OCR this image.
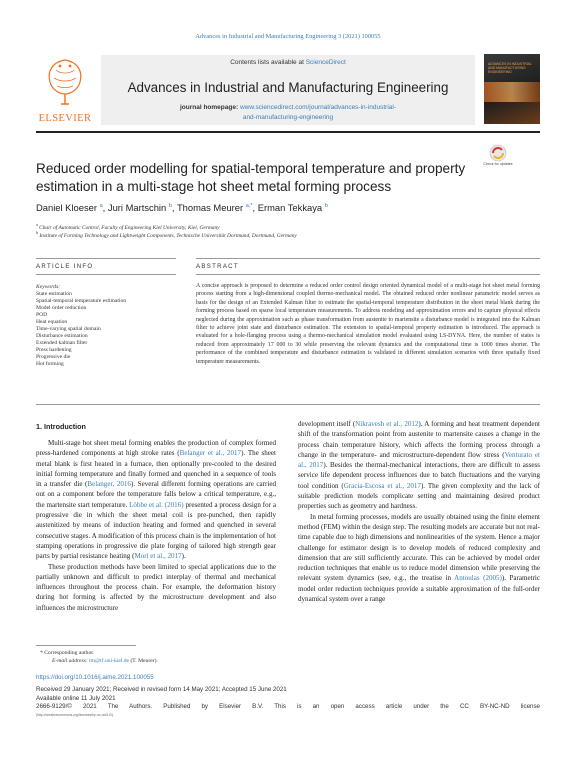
Advances in Industrial and Manufacturing Engineering 3 (2021) 100055
ELSEVIER
Contents lists available at ScienceDirect
Advances in Industrial and Manufacturing Engineering
journal homepage: www.sciencedirect.com/journal/advances-in-industrial-
and-manufacturing-engineering
ADVANCES IN INDUSTRIAL AND MANUFACTURING ENGINEERING
Reduced order modelling for spatial-temporal temperature and property estimation in a multi-stage hot sheet metal forming process
Check for updates
Daniel Kloeser $^a$, Juri Martschin $^b$, Thomas Meurer $^{a,*}$, Erman Tekkaya $^b$
$^a$ Chair of Automatic Control, Faculty of Engineering Kiel University, Kiel, Germany
$^b$ Institute of Forming Technology and Lightweight Components, Technische Universität Dortmund, Dortmund, Germany
ARTICLE INFO	ABSTRACT
Keywords:
State estimation
Spatial-temporal temperature estimation
Model order reduction
POD
Heat equation
Time-varying spatial domain
Disturbance estimation
Extended kalman filter
Press hardening
Progressive die
Hot forming
A concise approach is proposed to determine a reduced order control design oriented dynamical model of a multi-stage hot sheet metal forming process starting from a high-dimensional coupled thermo-mechanical model. The obtained reduced order nonlinear parametric model serves as basis for the design of an Extended Kalman filter to estimate the spatial-temporal temperature distribution in the sheet metal blank during the forming process based on sparse local temperature measurements. To address modeling and approximation errors and to capture physical effects neglected during the approximation such as phase transformation from austenite to martensite a disturbance model is integrated into the Kalman filter to achieve joint state and disturbance estimation. The extension to spatial-temporal property estimation is introduced. The approach is evaluated for a hole-flanging process using a thermo-mechanical simulation model evaluated using LS-DYNA. Here, the number of states is reduced from approximately 17 000 to 30 while preserving the relevant dynamics and the computational time is 1000 times shorter. The performance of the combined temperature and disturbance estimation is validated in different simulation scenarios with three spatially fixed temperature measurements.
1. Introduction

Multi-stage hot sheet metal forming enables the production of complex formed press-hardened components at high stroke rates (Belanger et al., 2017). The sheet metal blank is first heated in a furnace, then optionally pre-cooled to the desired initial forming temperature and finally formed and quenched in a sequence of tools in a transfer die (Belanger, 2016). Several different forming operations are carried out on a component before the temperature falls below a critical temperature, e.g., the martensite start temperature. Löbbe et al. (2016) presented a process design for a progressive die in which the sheet metal coil is pre-punched, then rapidly austenitized by means of induction heating and formed and quenched in several consecutive stages. A modification of this process chain is the implementation of hot stamping operations in progressive die plate forging of tailored high strength gear parts by partial resistance heating (Mori et al., 2017).

These production methods have been limited to special applications due to the partially unknown and difficult to predict interplay of thermal and mechanical influences throughout the process chain. For example, the deformation history during hot forming is affected by the microstructure development and also influences the microstructure

development itself (Nikravesh et al., 2012). A forming and heat treatment dependent shift of the transformation point from austenite to martensite causes a change in the process chain temperature history, which affects the forming process through a change in the temperature- and microstructure-dependent flow stress (Venturato et al., 2017). Besides the thermal-mechanical interactions, there are difficult to assess service life dependent process influences due to batch fluctuations and the varying tool condition (Gracia-Escosa et al., 2017). The given complexity and the lack of suitable prediction models complicate setting and maintaining desired product properties such as geometry and hardness.

In metal forming processes, models are usually obtained using the finite element method (FEM) within the design step. The resulting models are accurate but not real-time capable due to high dimensions and nonlinearities of the system. Hence a major challenge for estimator design is to develop models of reduced complexity and dimension that are still sufficiently accurate. This can be achieved by model order reduction techniques that enable us to reduce model dimension while preserving the relevant system dynamics (see, e.g., the treatise in Antoulas (2005)). Parametric model order reduction techniques provide a suitable approximation of the full-order dynamical system over a range

* Corresponding author.
E-mail address: tm@tf.uni-kiel.de (T. Meurer).
https://doi.org/10.1016/j.aime.2021.100055
Received 29 January 2021; Received in revised form 14 May 2021; Accepted 15 June 2021
Available online 11 July 2021
2666-9129/© 2021 The Authors. Published by Elsevier B.V. This is an open access article under the CC BY-NC-ND license
(http://creativecommons.org/licenses/by-nc-nd/4.0/).
